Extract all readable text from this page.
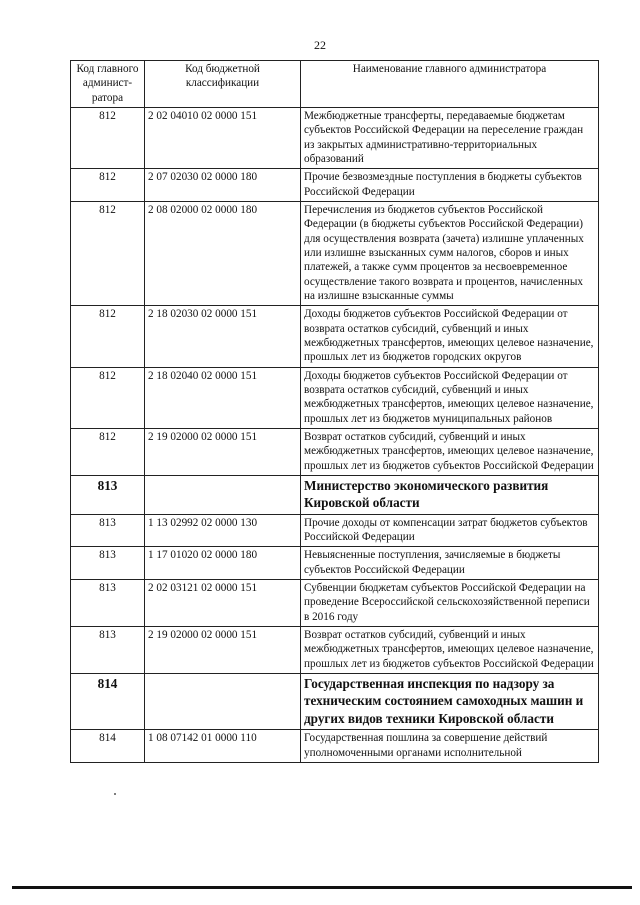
22
Код главного админист-ратора	Код бюджетной классификации	Наименование главного администратора
812	2 02 04010 02 0000 151	Межбюджетные трансферты, передаваемые бюджетам субъектов Российской Федерации на переселение граждан из закрытых административно-территориальных образований
812	2 07 02030 02 0000 180	Прочие безвозмездные поступления в бюджеты субъектов Российской Федерации
812	2 08 02000 02 0000 180	Перечисления из бюджетов субъектов Российской Федерации (в бюджеты субъектов Российской Федерации) для осуществления возврата (зачета) излишне уплаченных или излишне взысканных сумм налогов, сборов и иных платежей, а также сумм процентов за несвоевременное осуществление такого возврата и процентов, начисленных на излишне взысканные суммы
812	2 18 02030 02 0000 151	Доходы бюджетов субъектов Российской Федерации от возврата остатков субсидий, субвенций и иных межбюджетных трансфертов, имеющих целевое назначение, прошлых лет из бюджетов городских округов
812	2 18 02040 02 0000 151	Доходы бюджетов субъектов Российской Федерации от возврата остатков субсидий, субвенций и иных межбюджетных трансфертов, имеющих целевое назначение, прошлых лет из бюджетов муниципальных районов
812	2 19 02000 02 0000 151	Возврат остатков субсидий, субвенций и иных межбюджетных трансфертов, имеющих целевое назначение, прошлых лет из бюджетов субъектов Российской Федерации
813		Министерство экономического развития Кировской области
813	1 13 02992 02 0000 130	Прочие доходы от компенсации затрат бюджетов субъектов Российской Федерации
813	1 17 01020 02 0000 180	Невыясненные поступления, зачисляемые в бюджеты субъектов Российской Федерации
813	2 02 03121 02 0000 151	Субвенции бюджетам субъектов Российской Федерации на проведение Всероссийской сельскохозяйственной переписи в 2016 году
813	2 19 02000 02 0000 151	Возврат остатков субсидий, субвенций и иных межбюджетных трансфертов, имеющих целевое назначение, прошлых лет из бюджетов субъектов Российской Федерации
814		Государственная инспекция по надзору за техническим состоянием самоходных машин и других видов техники Кировской области
814	1 08 07142 01 0000 110	Государственная пошлина за совершение действий уполномоченными органами исполнительной
